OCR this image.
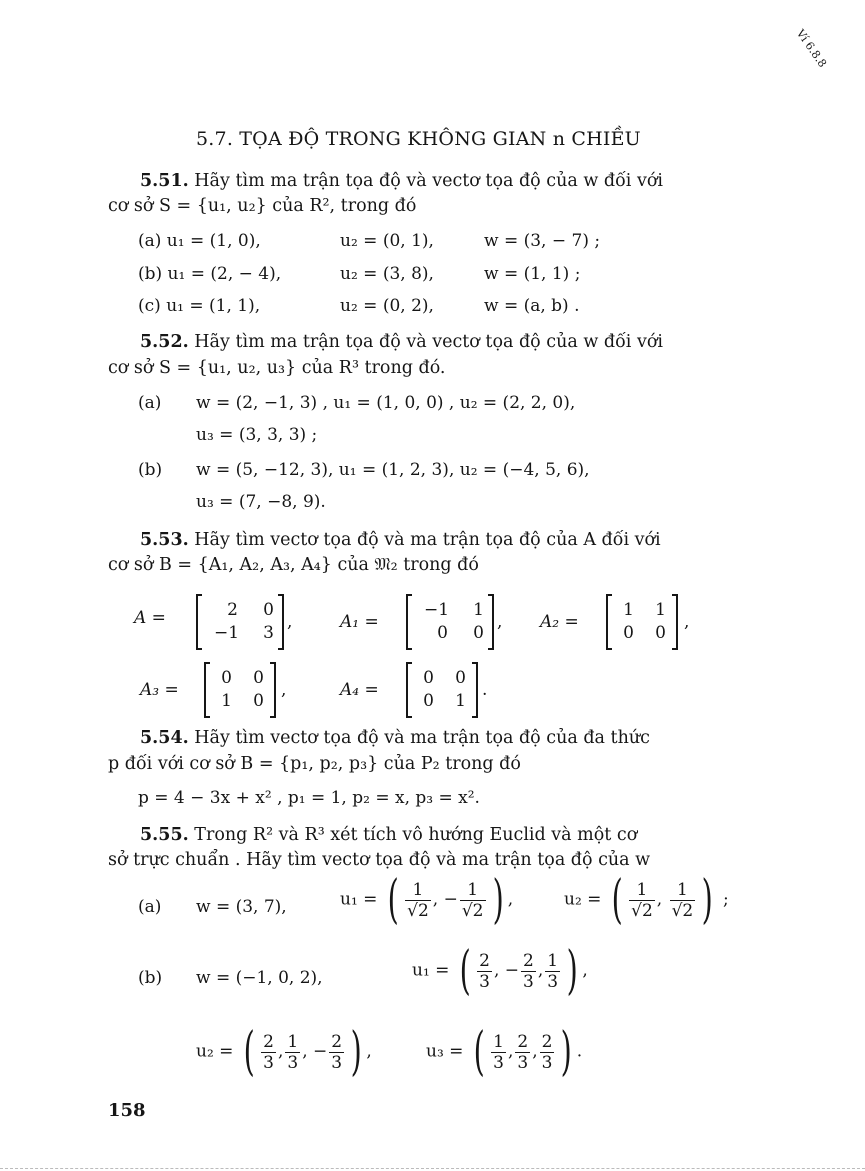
Ví 6.8.8
5.7. TỌA ĐỘ TRONG KHÔNG GIAN n CHIỀU
5.51. Hãy tìm ma trận tọa độ và vectơ tọa độ của w đối với
cơ sở S = {u₁, u₂} của R², trong đó
(a) u₁ = (1, 0),	u₂ = (0, 1),	w = (3, − 7) ;
(b) u₁ = (2, − 4),	u₂ = (3, 8),	w = (1, 1) ;
(c) u₁ = (1, 1),	u₂ = (0, 2),	w = (a, b) .
5.52. Hãy tìm ma trận tọa độ và vectơ tọa độ của w đối với
cơ sở S = {u₁, u₂, u₃} của R³ trong đó.
(a) w = (2, −1, 3) , u₁ = (1, 0, 0) , u₂ = (2, 2, 0),
u₃ = (3, 3, 3) ;
(b) w = (5, −12, 3), u₁ = (1, 2, 3), u₂ = (−4, 5, 6),
u₃ = (7, −8, 9).
5.53. Hãy tìm vectơ tọa độ và ma trận tọa độ của A đối với
cơ sở B = {A₁, A₂, A₃, A₄} của 𝔐₂ trong đó
A =	2	0
−1	3
,	A₁ =
−1	1
0	0
, A₂ =
1	1
0	0
,
A₃ =
0	0
1	0
,	A₄ =
0	0
0	1
.
5.54. Hãy tìm vectơ tọa độ và ma trận tọa độ của đa thức
p đối với cơ sở B = {p₁, p₂, p₃} của P₂ trong đó
p = 4 − 3x + x² , p₁ = 1, p₂ = x, p₃ = x².
5.55. Trong R² và R³ xét tích vô hướng Euclid và một cơ
sở trực chuẩn . Hãy tìm vectơ tọa độ và ma trận tọa độ của w
(a) w = (3, 7),	u₁ = ( $\frac{1}{√2}$ , − $\frac{1}{√2}$ ) ,	u₂ = ( $\frac{1}{√2}$ , $\frac{1}{√2}$ ) ;
(b) w = (−1, 0, 2),	u₁ = ( $\frac{2}{3}$ , − $\frac{2}{3}$ , $\frac{1}{3}$ ) ,
u₂ = ( $\frac{2}{3}$ , $\frac{1}{3}$ , − $\frac{2}{3}$ ) ,	u₃ = ( $\frac{1}{3}$ , $\frac{2}{3}$ , $\frac{2}{3}$ ) .
158
